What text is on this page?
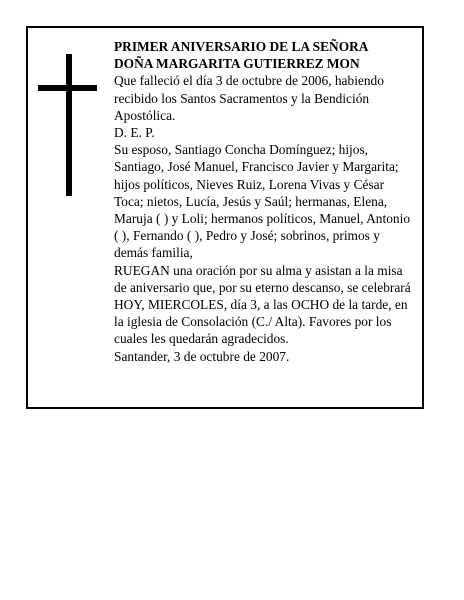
PRIMER ANIVERSARIO DE LA SEÑORA
DOÑA MARGARITA GUTIERREZ MON
Que falleció el día 3 de octubre de 2006, habiendo
recibido los Santos Sacramentos y la Bendición
Apostólica.
D. E. P.
Su esposo, Santiago Concha Domínguez; hijos,
Santiago, José Manuel, Francisco Javier y Margarita;
hijos políticos, Nieves Ruiz, Lorena Vivas y César
Toca; nietos, Lucía, Jesús y Saúl; hermanas, Elena,
Maruja ( ) y Loli; hermanos políticos, Manuel, Antonio
( ), Fernando ( ), Pedro y José; sobrinos, primos y
demás familia,
RUEGAN una oración por su alma y asistan a la misa
de aniversario que, por su eterno descanso, se celebrará
HOY, MIERCOLES, día 3, a las OCHO de la tarde, en
la iglesia de Consolación (C./ Alta). Favores por los
cuales les quedarán agradecidos.
Santander, 3 de octubre de 2007.
